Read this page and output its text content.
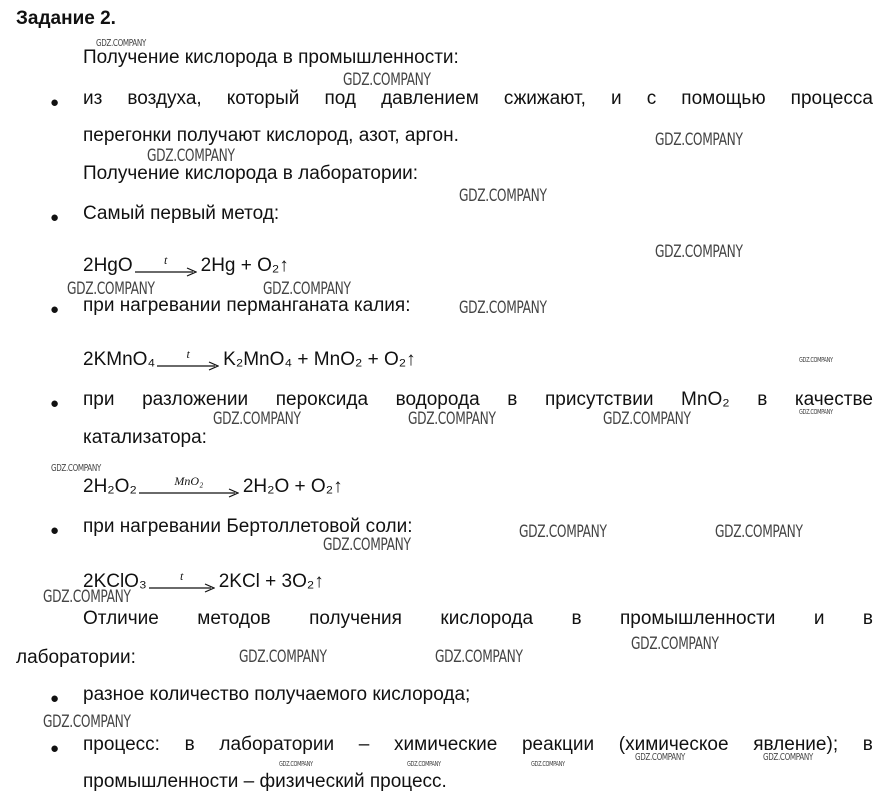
Задание 2.
Получение кислорода в промышленности:
● из воздуха, который под давлением сжижают, и с помощью процесса
перегонки получают кислород, азот, аргон.
Получение кислорода в лаборатории:
● Самый первый метод:
2HgO	t	2Hg + O₂↑
● при нагревании перманганата калия:
2KMnO₄	t	K₂MnO₄ + MnO₂ + O₂↑
● при разложении пероксида водорода в присутствии MnO₂ в качестве
катализатора:
2H₂O₂	MnO₂	2H₂O + O₂↑
● при нагревании Бертоллетовой соли:
2KClO₃	t	2KCl + 3O₂↑
Отличие методов получения кислорода в промышленности и в
лаборатории:
● разное количество получаемого кислорода;
● процесс: в лаборатории – химические реакции (химическое явление); в
промышленности – физический процесс.
GDZ.COMPANY
GDZ.COMPANY
GDZ.COMPANY
GDZ.COMPANY
GDZ.COMPANY
GDZ.COMPANY
GDZ.COMPANY	GDZ.COMPANY
GDZ.COMPANY
GDZ.COMPANY
GDZ.COMPANY
GDZ.COMPANY	GDZ.COMPANY	GDZ.COMPANY
GDZ.COMPANY
GDZ.COMPANY	GDZ.COMPANY
GDZ.COMPANY
GDZ.COMPANY
GDZ.COMPANY
GDZ.COMPANY	GDZ.COMPANY
GDZ.COMPANY
GDZ.COMPANY	GDZ.COMPANY
GDZ.COMPANY	GDZ.COMPANY	GDZ.COMPANY
